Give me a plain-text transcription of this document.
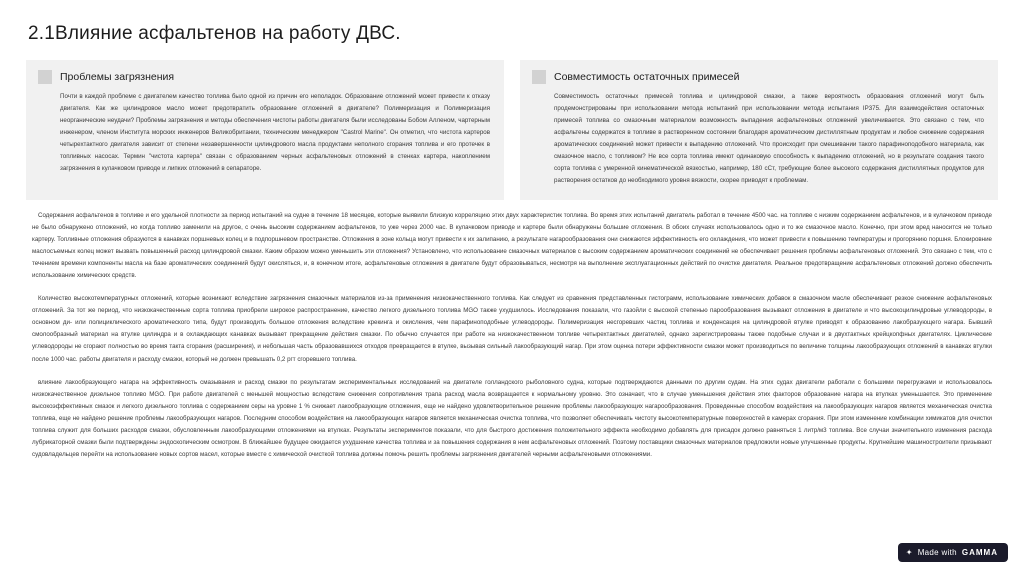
2.1Влияние асфальтенов на работу ДВС.
Проблемы загрязнения
Почти в каждой проблеме с двигателем качество топлива было одной из причин его неполадок. Образование отложений может привести к отказу двигателя. Как же цилиндровое масло может предотвратить образование отложений в двигателе? Полимеризация и Полимеризация неорганические неудачи? Проблемы загрязнения и методы обеспечения чистоты работы двигателя были исследованы Бобом Алленом, чартерным инженером, членом Института морских инженеров Великобритании, техническим менеджером "Castrol Marine". Он отметил, что чистота картеров четырехтактного двигателя зависит от степени незавершенности цилиндрового масла продуктами неполного сгорания топлива и его протечек в топливных насосах. Термин "чистота картера" связан с образованием черных асфальтеновых отложений в стенках картера, накоплением загрязнения в кулачковом приводе и липких отложений в сепараторе.
Совместимость остаточных примесей
Совместимость остаточных примесей топлива и цилиндровой смазки, а также вероятность образования отложений могут быть продемонстрированы при использовании метода испытаний при использовании метода испытания IP375. Для взаимодействия остаточных примесей топлива со смазочным материалом возможность выпадения асфальтеновых отложений увеличивается. Это связано с тем, что асфальтены содержатся в топливе в растворенном состоянии благодаря ароматическим дистиллятным продуктам и любое снижение содержания ароматических соединений может привести к выпадению отложений. Что происходит при смешивании такого парафиноподобного материала, как смазочное масло, с топливом? Не все сорта топлива имеют одинаковую способность к выпадению отложений, но в результате создания такого сорта топлива с умеренной кинематической вязкостью, например, 180 сСт, требующие более высокого содержания дистиллятных продуктов для растворения остатков до необходимого уровня вязкости, скорее приводят к проблемам.

Содержания асфальтенов в топливе и его удельной плотности за период испытаний на судне в течение 18 месяцев, которые выявили близкую корреляцию этих двух характеристик топлива. Во время этих испытаний двигатель работал в течение 4500 час. на топливе с низким содержанием асфальтенов, и в кулачковом приводе не было обнаружено отложений, но когда топливо заменили на другое, с очень высоким содержанием асфальтенов, то уже через 2000 час. В кулачковом приводе и картере были обнаружены большие отложения. В обоих случаях использовалось одно и то же смазочное масло. Конечно, при этом вред наносится не только картеру. Топливные отложения образуются в канавках поршневых колец и в подпоршневом пространстве. Отложения в зоне кольца могут привести к их залипанию, а результате нагарообразования они снижаются эффективность его охлаждения, что может привести к повышению температуры и прогорянию поршня. Блокировние маслосъемных колец может вызвать повышенный расход цилиндровой смазки. Каким образом можно уменьшить эти отложения? Установлено, что использование смазочных материалов с высоким содержанием ароматических соединений не обеспечивает решения проблемы асфальтеновых отложений. Это связано с тем, что с течением времени компоненты масла на базе ароматических соединений будут окисляться, и, в конечном итоге, асфальтеновые отложения в двигателе будут образовываться, несмотря на выполнение эксплуатационных действий по очистке двигателя. Реальное предотвращение асфальтеновых отложений должно обеспечить использование химических средств.

Количество высокотемпературных отложений, которые возникают вследствие загрязнения смазочных материалов из-за применения низкокачественного топлива. Как следует из сравнения представленных гистограмм, использование химических добавок в смазочном масле обеспечивает резкое снижение асфальтеновых отложений. За тот же период, что низкокачественные сорта топлива приобрели широкое распространение, качество легкого дизельного топлива MGO также ухудшилось. Исследования показали, что газойли с высокой степенью парообразования вызывают отложения в двигателе и что высокоцилиндровые углеводороды, в основном ди- или полициклического ароматического типа, будут производить большое отложения вследствие крекинга и окисления, чем парафиноподобные углеводороды. Полимеризация несгоревших частиц топлива и конденсация на цилиндровой втулке приводят к образованию лакобразующего нагара. Бывший смолообразный материал на втулке цилиндра и в охлаждающих канавках вызывает прекращение действия смазки. По обычно случается при работе на низкокачественном топливе четырехтактных двигателей, однако зарегистрированы также подобные случаи и в двухтактных крейцкопфных двигателях. Циклические углеводороды не сгорают полностью во время такта сгорания (расширения), и небольшая часть образовавшихся отходов превращается в втулке, вызывая сильный лакообразующий нагар. При этом оценка потери эффективности смазки может производиться по величине толщины лакообразующих отложений в канавках втулки после 1000 час. работы двигателя и расходу смазки, который не должен превышать 0,2 ргт сгоревшего топлива.

влияние лакообразующего нагара на эффективность смазывания и расход смазки по результатам экспериментальных исследований на двигателе голландского рыболовного судна, которые подтверждаются данными по другим судам. На этих судах двигатели работали с большими перегрузками и использовалось низкокачественное дизельное топливо MGO. При работе двигателей с меньшей мощностью вследствие снижения сопротивления трапа расход масла возвращается к нормальному уровню. Это означает, что в случае уменьшения действия этих факторов образование нагара на втулках уменьшается. Это применение высокоэффективных смазок и легкого дизельного топлива с содержанием серы на уровне 1 % снижает лакообразующие отложения, еще не найдено удовлетворительное решение проблемы лакообразующих нагарообразования. Проведенные способом воздействия на лакообразующих нагаров является механическая очистка топлива, еще не найдено решение проблемы лакообразующих нагаров. Последним способом воздействия на лакообразующих нагаров является механическая очистка топлива, что позволяет обеспечивать чистоту высокотемпературные поверхностей в камерах сгорания. При этом изменение комбинации химикатов для очистки топлива служит для больших расходов смазки, обусловленным лакообразующими отложениями на втулках. Результаты экспериментов показали, что для быстрого достижения положительного эффекта необходимо добавлять для присадок должно равняться 1 литр/м3 топлива. Все случаи значительного изменения расхода лубрикаторной смазки были подтверждены эндоскопическим осмотром. В ближайшее будущее ожидается ухудшение качества топлива и за повышения содержания в нем асфальтеновых отложений. Поэтому поставщики смазочных материалов предложили новые улучшенные продукты. Крупнейшие машиностроители призывают судовладельцев перейти на использование новых сортов масел, которые вместе с химической очисткой топлива должны помочь решить проблемы загрязнения двигателей черными асфальтеновыми отложениями.

✦ Made with GAMMA
